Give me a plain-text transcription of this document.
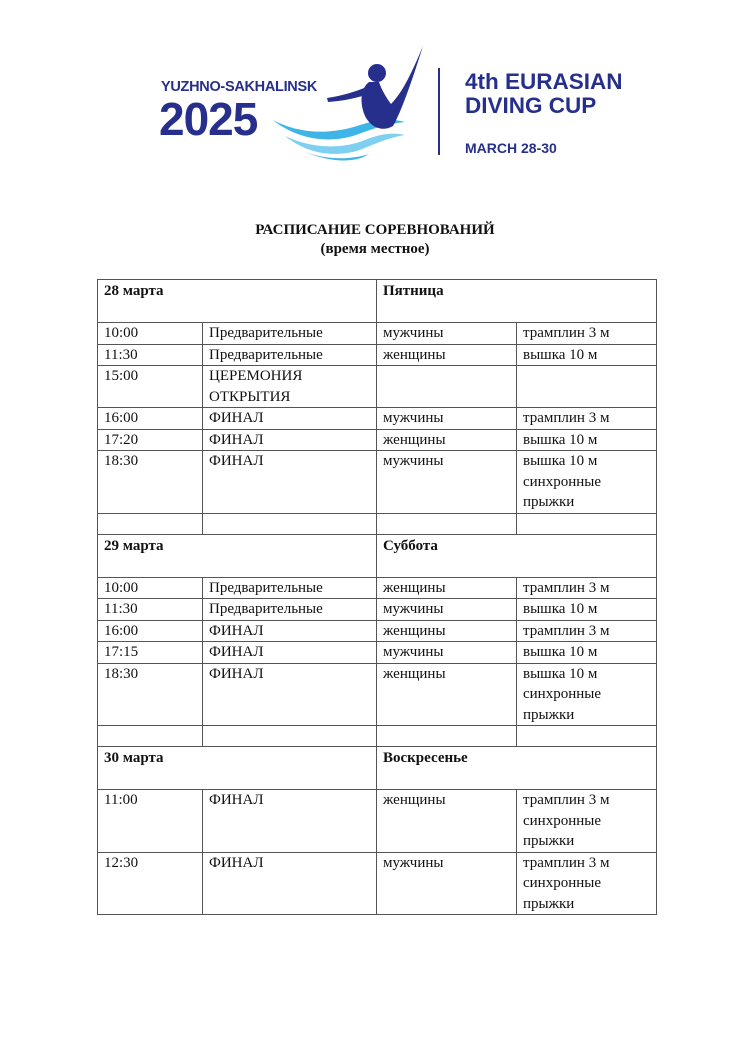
YUZHNO-SAKHALINSK
2025
4th EURASIAN
DIVING CUP
MARCH 28-30
РАСПИСАНИЕ СОРЕВНОВАНИЙ
(время местное)
28 марта		Пятница	
10:00	Предварительные	мужчины	трамплин 3 м
11:30	Предварительные	женщины	вышка 10 м
15:00	ЦЕРЕМОНИЯ
ОТКРЫТИЯ		

16:00	ФИНАЛ	мужчины	трамплин 3 м
17:20	ФИНАЛ	женщины	вышка 10 м
18:30	ФИНАЛ	мужчины	вышка 10 м
синхронные
прыжки

29 марта		Суббота	
10:00	Предварительные	женщины	трамплин 3 м
11:30	Предварительные	мужчины	вышка 10 м
16:00	ФИНАЛ	женщины	трамплин 3 м
17:15	ФИНАЛ	мужчины	вышка 10 м
18:30	ФИНАЛ	женщины	вышка 10 м
синхронные
прыжки

30 марта		Воскресенье	
11:00	ФИНАЛ	женщины	трамплин 3 м
синхронные
прыжки

12:30	ФИНАЛ	мужчины	трамплин 3 м
синхронные
прыжки
